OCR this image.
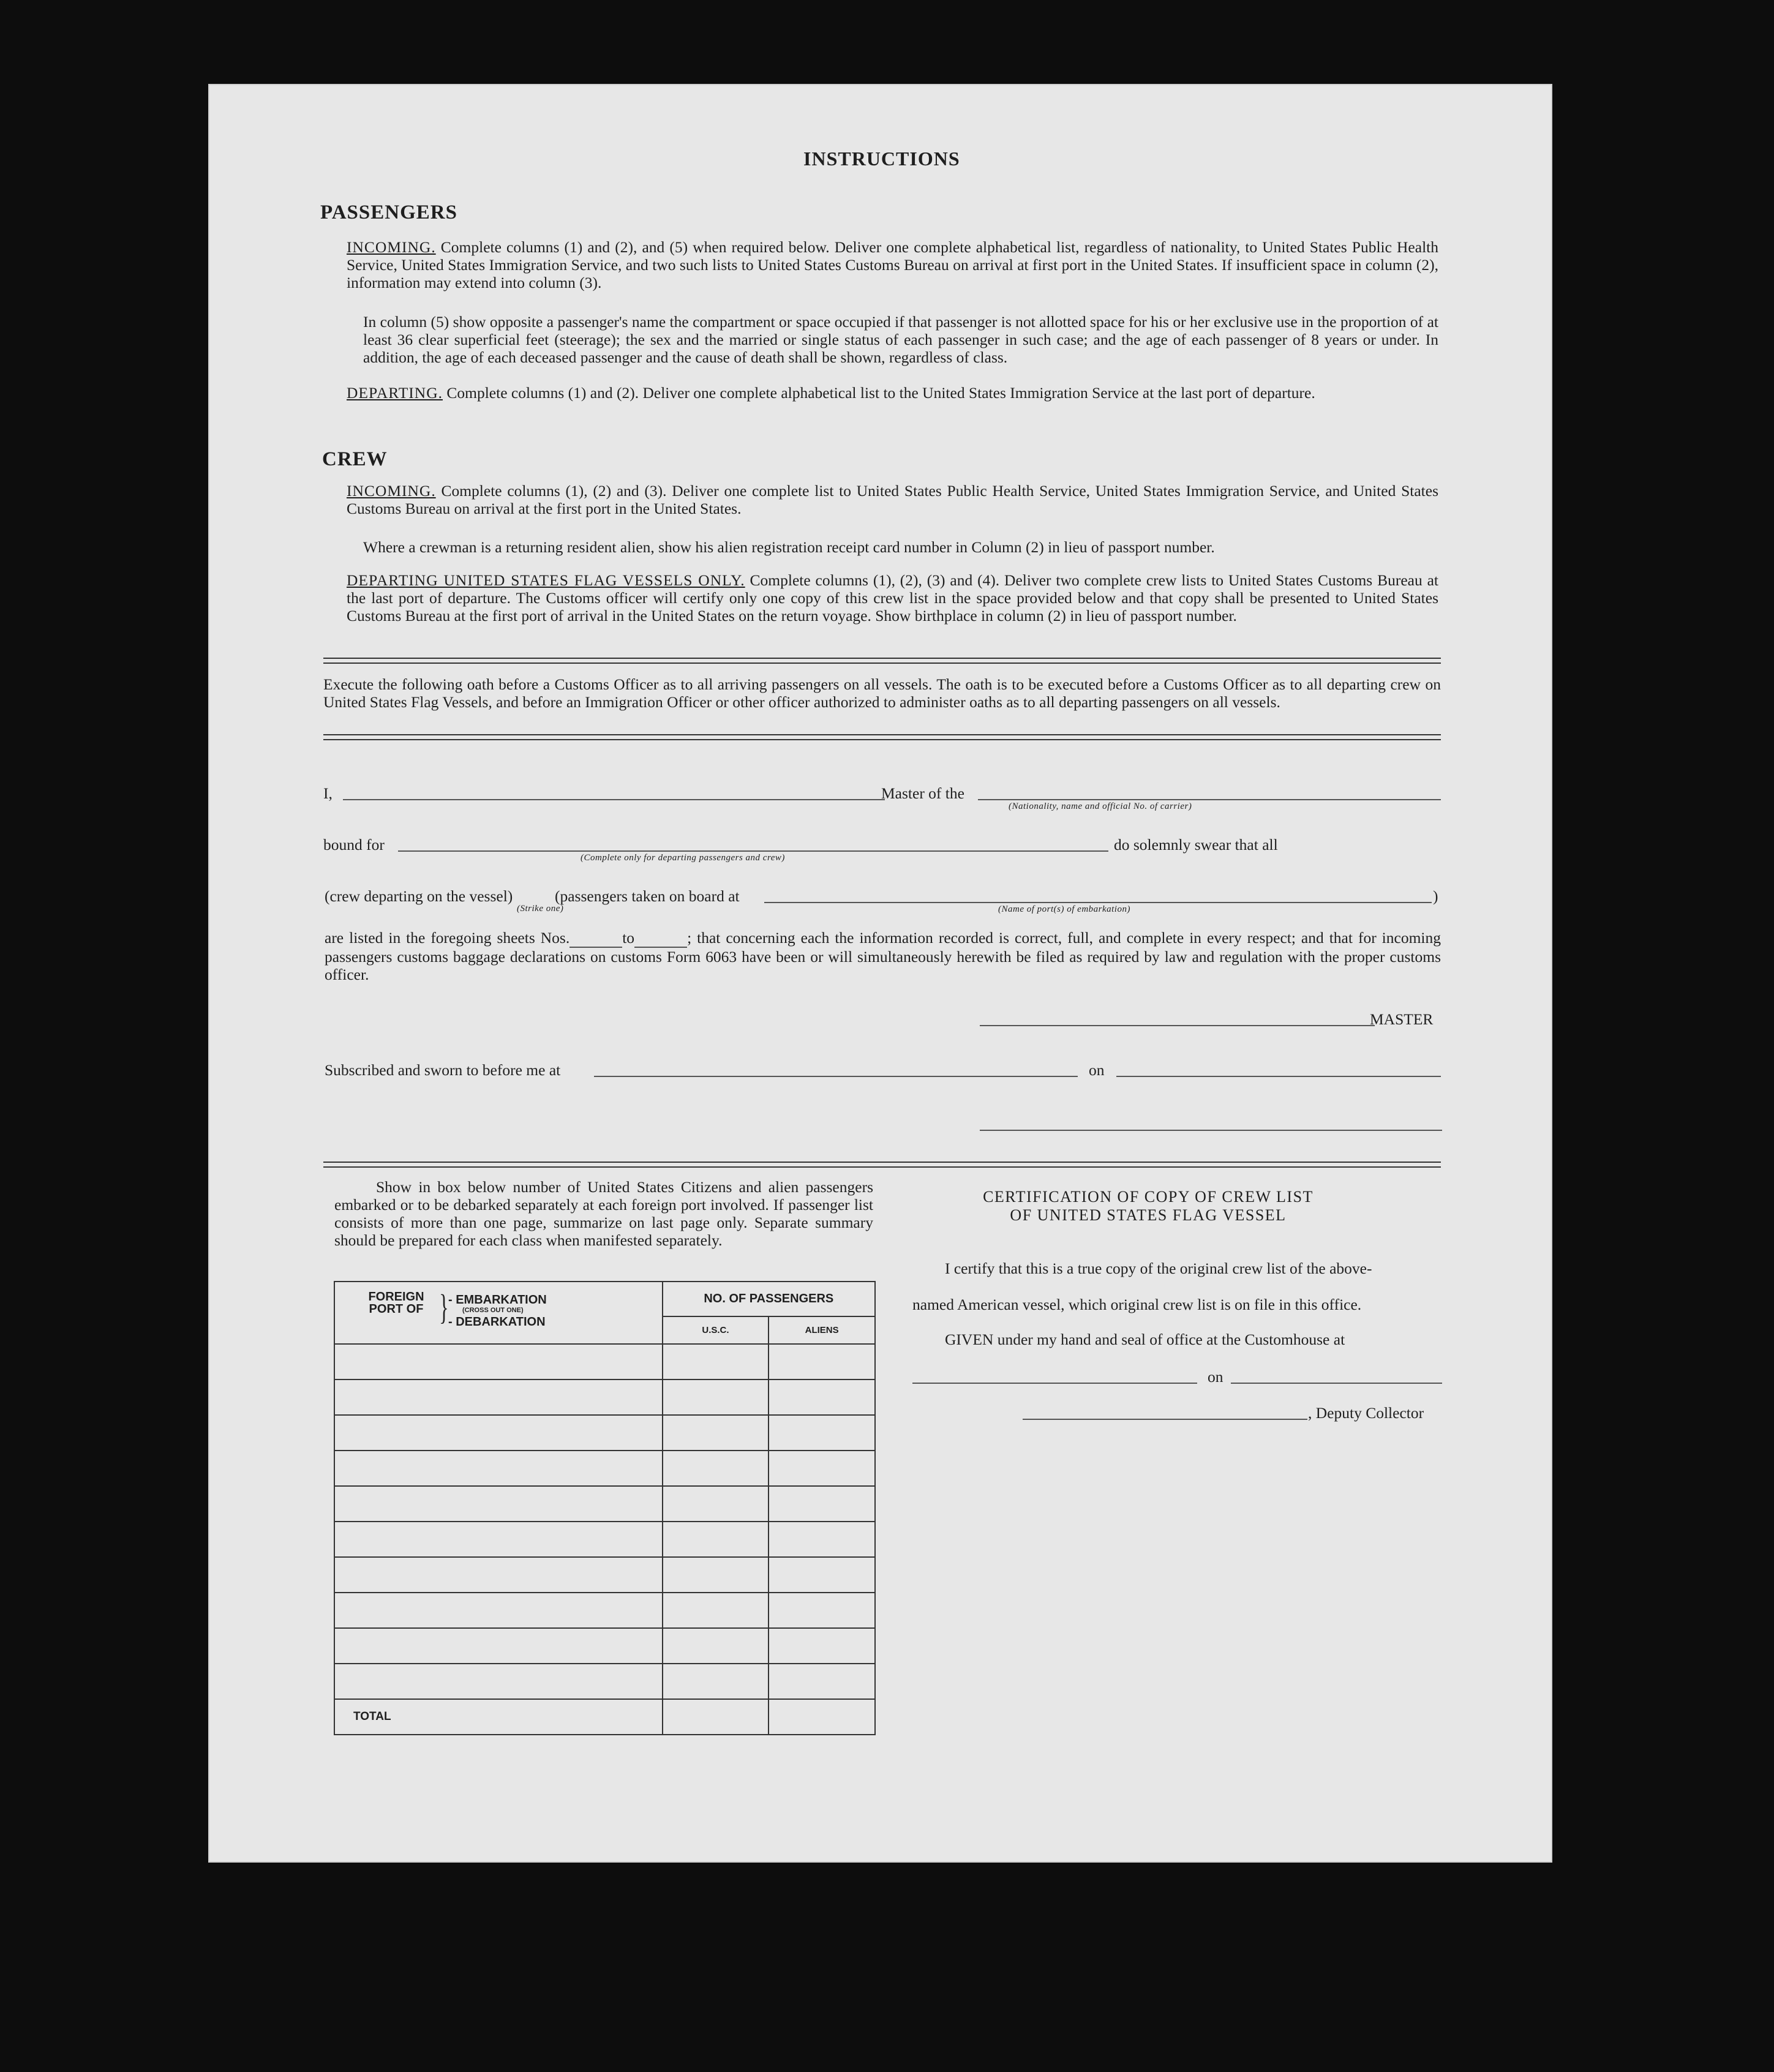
INSTRUCTIONS
PASSENGERS
INCOMING. Complete columns (1) and (2), and (5) when required below. Deliver one complete alphabetical list, regardless of nationality, to United States Public Health Service, United States Immigration Service, and two such lists to United States Customs Bureau on arrival at first port in the United States. If insufficient space in column (2), information may extend into column (3).
In column (5) show opposite a passenger's name the compartment or space occupied if that passenger is not allotted space for his or her exclusive use in the proportion of at least 36 clear superficial feet (steerage); the sex and the married or single status of each passenger in such case; and the age of each passenger of 8 years or under. In addition, the age of each deceased passenger and the cause of death shall be shown, regardless of class.
DEPARTING. Complete columns (1) and (2). Deliver one complete alphabetical list to the United States Immigration Service at the last port of departure.
CREW
INCOMING. Complete columns (1), (2) and (3). Deliver one complete list to United States Public Health Service, United States Immigration Service, and United States Customs Bureau on arrival at the first port in the United States.
Where a crewman is a returning resident alien, show his alien registration receipt card number in Column (2) in lieu of passport number.
DEPARTING UNITED STATES FLAG VESSELS ONLY. Complete columns (1), (2), (3) and (4). Deliver two complete crew lists to United States Customs Bureau at the last port of departure. The Customs officer will certify only one copy of this crew list in the space provided below and that copy shall be presented to United States Customs Bureau at the first port of arrival in the United States on the return voyage. Show birthplace in column (2) in lieu of passport number.
Execute the following oath before a Customs Officer as to all arriving passengers on all vessels. The oath is to be executed before a Customs Officer as to all departing crew on United States Flag Vessels, and before an Immigration Officer or other officer authorized to administer oaths as to all departing passengers on all vessels.
I,	Master of the
(Nationality, name and official No. of carrier)
bound for
(Complete only for departing passengers and crew)
do solemnly swear that all
(crew departing on the vessel)
(Strike one)
(passengers taken on board at	)
(Name of port(s) of embarkation)
are listed in the foregoing sheets Nos.	to	; that concerning each the information recorded is correct, full, and complete in every respect; and that for incoming passengers customs baggage declarations on customs Form 6063 have been or will simultaneously herewith be filed as required by law and regulation with the proper customs officer.
MASTER
Subscribed and sworn to before me at	on
Show in box below number of United States Citizens and alien passengers embarked or to be debarked separately at each foreign port involved. If passenger list consists of more than one page, summarize on last page only. Separate summary should be prepared for each class when manifested separately.
FOREIGN PORT OF } - EMBARKATION
(CROSS OUT ONE)
- DEBARKATION	NO. OF PASSENGERS	

	U.S.C.	ALIENS

TOTAL		

CERTIFICATION OF COPY OF CREW LIST
OF UNITED STATES FLAG VESSEL
I certify that this is a true copy of the original crew list of the above-
named American vessel, which original crew list is on file in this office.
GIVEN under my hand and seal of office at the Customhouse at
on
, Deputy Collector
